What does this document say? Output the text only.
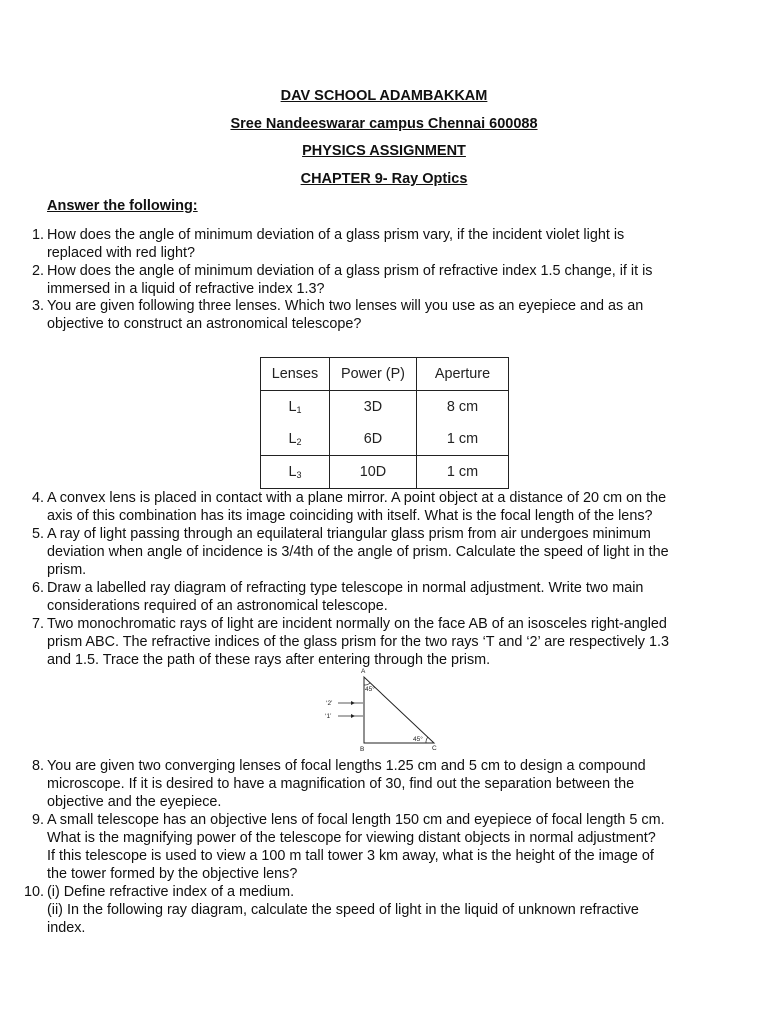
DAV SCHOOL ADAMBAKKAM
Sree Nandeeswarar campus Chennai 600088
PHYSICS ASSIGNMENT
CHAPTER 9- Ray Optics
Answer the following:
1. How does the angle of minimum deviation of a glass prism vary, if the incident violet light is
replaced with red light?
2. How does the angle of minimum deviation of a glass prism of refractive index 1.5 change, if it is
immersed in a liquid of refractive index 1.3?
3. You are given following three lenses. Which two lenses will you use as an eyepiece and as an
objective to construct an astronomical telescope?
Lenses	Power (P)	Aperture
$L_1$	3D	8 cm
$L_2$	6D	1 cm
$L_3$	10D	1 cm
4. A convex lens is placed in contact with a plane mirror. A point object at a distance of 20 cm on the
axis of this combination has its image coinciding with itself. What is the focal length of the lens?
5. A ray of light passing through an equilateral triangular glass prism from air undergoes minimum
deviation when angle of incidence is 3/4th of the angle of prism. Calculate the speed of light in the
prism.
6. Draw a labelled ray diagram of refracting type telescope in normal adjustment. Write two main
considerations required of an astronomical telescope.
7. Two monochromatic rays of light are incident normally on the face AB of an isosceles right-angled
prism ABC. The refractive indices of the glass prism for the two rays ‘T and ‘2’ are respectively 1.3
and 1.5. Trace the path of these rays after entering through the prism.
A
B	C
45°
45°
‘2’
‘1’
8. You are given two converging lenses of focal lengths 1.25 cm and 5 cm to design a compound
microscope. If it is desired to have a magnification of 30, find out the separation between the
objective and the eyepiece.
9. A small telescope has an objective lens of focal length 150 cm and eyepiece of focal length 5 cm.
What is the magnifying power of the telescope for viewing distant objects in normal adjustment?
If this telescope is used to view a 100 m tall tower 3 km away, what is the height of the image of
the tower formed by the objective lens?
10. (i) Define refractive index of a medium.
(ii) In the following ray diagram, calculate the speed of light in the liquid of unknown refractive
index.
